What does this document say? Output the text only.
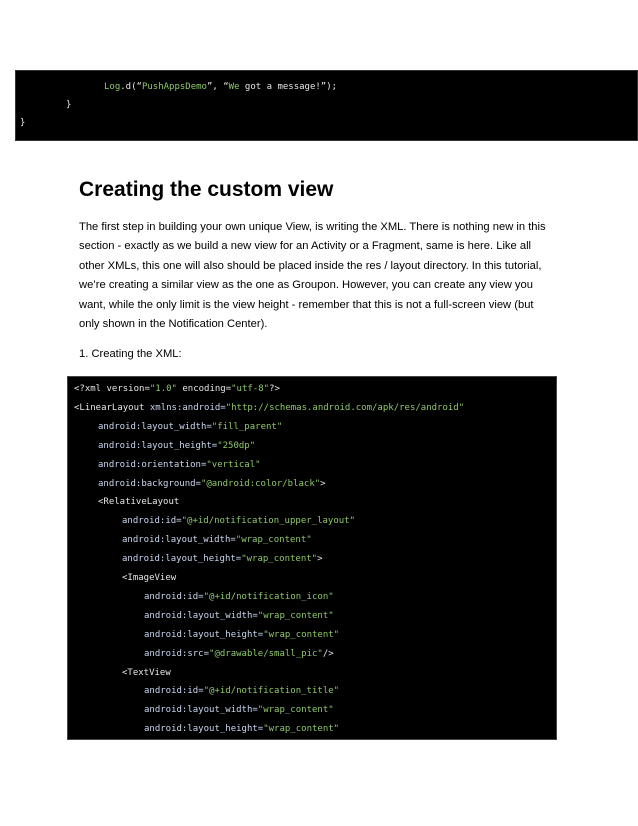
Log.d(“PushAppsDemo”, “We got a message!”);
}
}
Creating the custom view
The first step in building your own unique View, is writing the XML. There is nothing new in this
section - exactly as we build a new view for an Activity or a Fragment, same is here. Like all
other XMLs, this one will also should be placed inside the res / layout directory. In this tutorial,
we’re creating a similar view as the one as Groupon. However, you can create any view you
want, while the only limit is the view height - remember that this is not a full-screen view (but
only shown in the Notification Center).
1. Creating the XML:
<?xml version="1.0" encoding="utf-8"?>
<LinearLayout xmlns:android="http://schemas.android.com/apk/res/android"
android:layout_width="fill_parent"
android:layout_height="250dp"
android:orientation="vertical"
android:background="@android:color/black">
<RelativeLayout
android:id="@+id/notification_upper_layout"
android:layout_width="wrap_content"
android:layout_height="wrap_content">
<ImageView
android:id="@+id/notification_icon"
android:layout_width="wrap_content"
android:layout_height="wrap_content"
android:src="@drawable/small_pic"/>
<TextView
android:id="@+id/notification_title"
android:layout_width="wrap_content"
android:layout_height="wrap_content"
